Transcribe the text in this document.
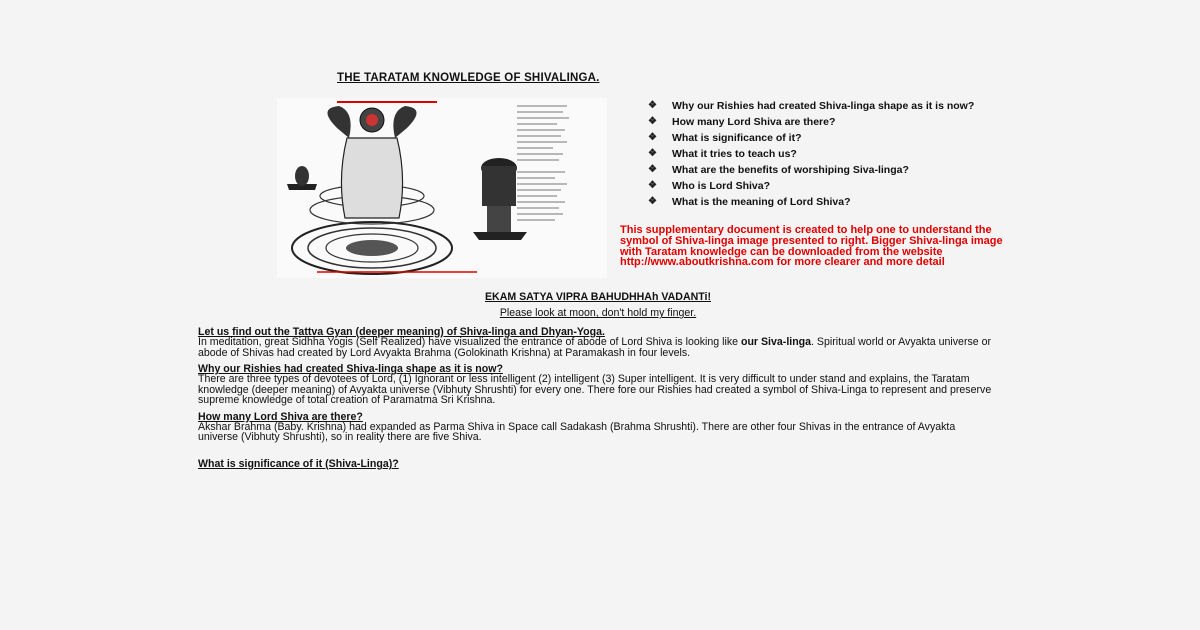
THE TARATAM KNOWLEDGE OF SHIVALINGA.
❖ Why our Rishies had created Shiva-linga shape as it is now?
❖ How many Lord Shiva are there?
❖ What is significance of it?
❖ What it tries to teach us?
❖ What are the benefits of worshiping Siva-linga?
❖ Who is Lord Shiva?
❖ What is the meaning of Lord Shiva?
This supplementary document is created to help one to understand the symbol of Shiva-linga image presented to right. Bigger Shiva-linga image with Taratam knowledge can be downloaded from the website http://www.aboutkrishna.com for more clearer and more detail
EKAM SATYA VIPRA BAHUDHHAh VADANTi!
Please look at moon, don't hold my finger.
Let us find out the Tattva Gyan (deeper meaning) of Shiva-linga and Dhyan-Yoga.
In meditation, great Sidhha Yogis (Self Realized) have visualized the entrance of abode of Lord Shiva is looking like our Siva-linga. Spiritual world or Avyakta universe or abode of Shivas had created by Lord Avyakta Brahma (Golokinath Krishna) at Paramakash in four levels.
Why our Rishies had created Shiva-linga shape as it is now?
There are three types of devotees of Lord, (1) Ignorant or less intelligent (2) intelligent (3) Super intelligent. It is very difficult to under stand and explains, the Taratam knowledge (deeper meaning) of Avyakta universe (Vibhuty Shrushti) for every one. There fore our Rishies had created a symbol of Shiva-Linga to represent and preserve supreme knowledge of total creation of Paramatma Sri Krishna.
How many Lord Shiva are there?
Akshar Brahma (Baby. Krishna) had expanded as Parma Shiva in Space call Sadakash (Brahma Shrushti). There are other four Shivas in the entrance of Avyakta universe (Vibhuty Shrushti), so in reality there are five Shiva.
What is significance of it (Shiva-Linga)?
